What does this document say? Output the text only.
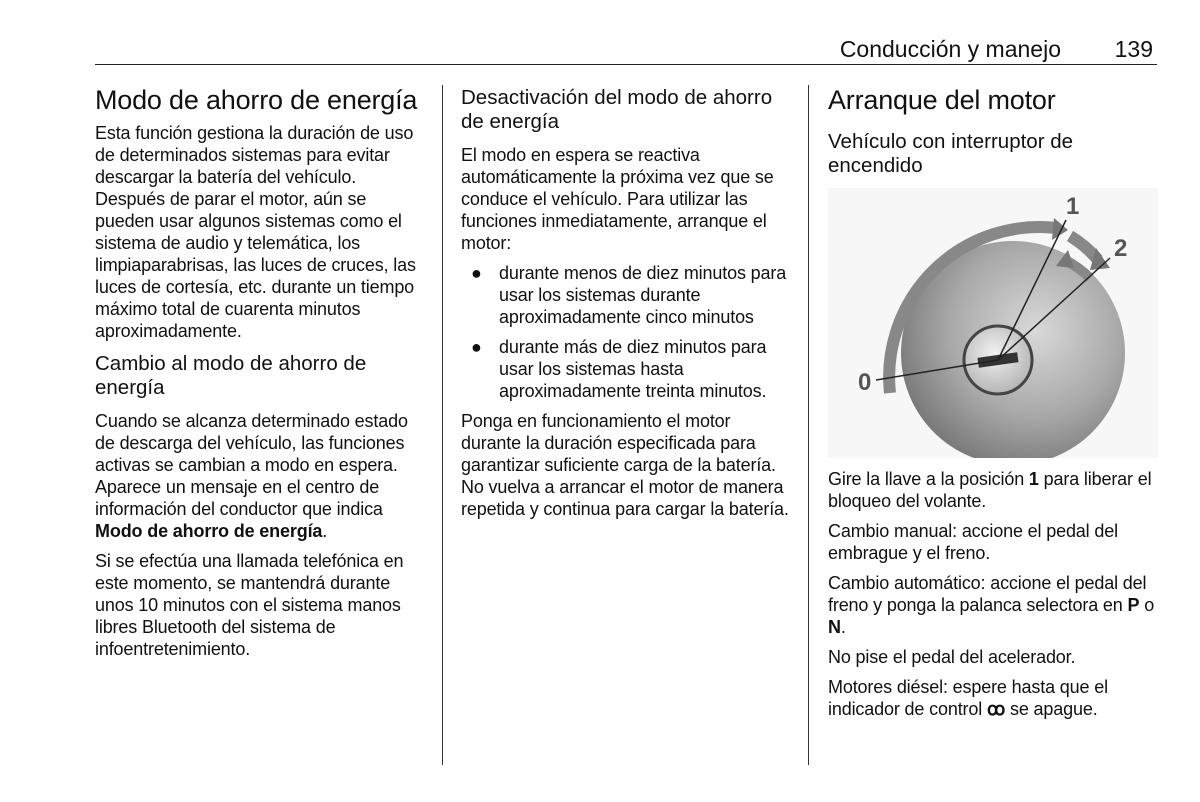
Conducción y manejo 139
Modo de ahorro de energía

Esta función gestiona la duración de uso de determinados sistemas para evitar descargar la batería del vehículo. Después de parar el motor, aún se pueden usar algunos sistemas como el sistema de audio y telemática, los limpiaparabrisas, las luces de cruces, las luces de cortesía, etc. durante un tiempo máximo total de cuarenta minutos aproximadamente.

Cambio al modo de ahorro de energía

Cuando se alcanza determinado estado de descarga del vehículo, las funciones activas se cambian a modo en espera. Aparece un mensaje en el centro de información del conductor que indica Modo de ahorro de energía.

Si se efectúa una llamada telefónica en este momento, se mantendrá durante unos 10 minutos con el sistema manos libres Bluetooth del sistema de infoentretenimiento.

Desactivación del modo de ahorro de energía

El modo en espera se reactiva automáticamente la próxima vez que se conduce el vehículo. Para utilizar las funciones inmediatamente, arranque el motor:

● durante menos de diez minutos para usar los sistemas durante aproximadamente cinco minutos
● durante más de diez minutos para usar los sistemas hasta aproximadamente treinta minutos.

Ponga en funcionamiento el motor durante la duración especificada para garantizar suficiente carga de la batería. No vuelva a arrancar el motor de manera repetida y continua para cargar la batería.

Arranque del motor
Vehículo con interruptor de encendido
1
2
0

Gire la llave a la posición 1 para liberar el bloqueo del volante.

Cambio manual: accione el pedal del embrague y el freno.

Cambio automático: accione el pedal del freno y ponga la palanca selectora en P o N.

No pise el pedal del acelerador.

Motores diésel: espere hasta que el indicador de control ꝏ se apague.
